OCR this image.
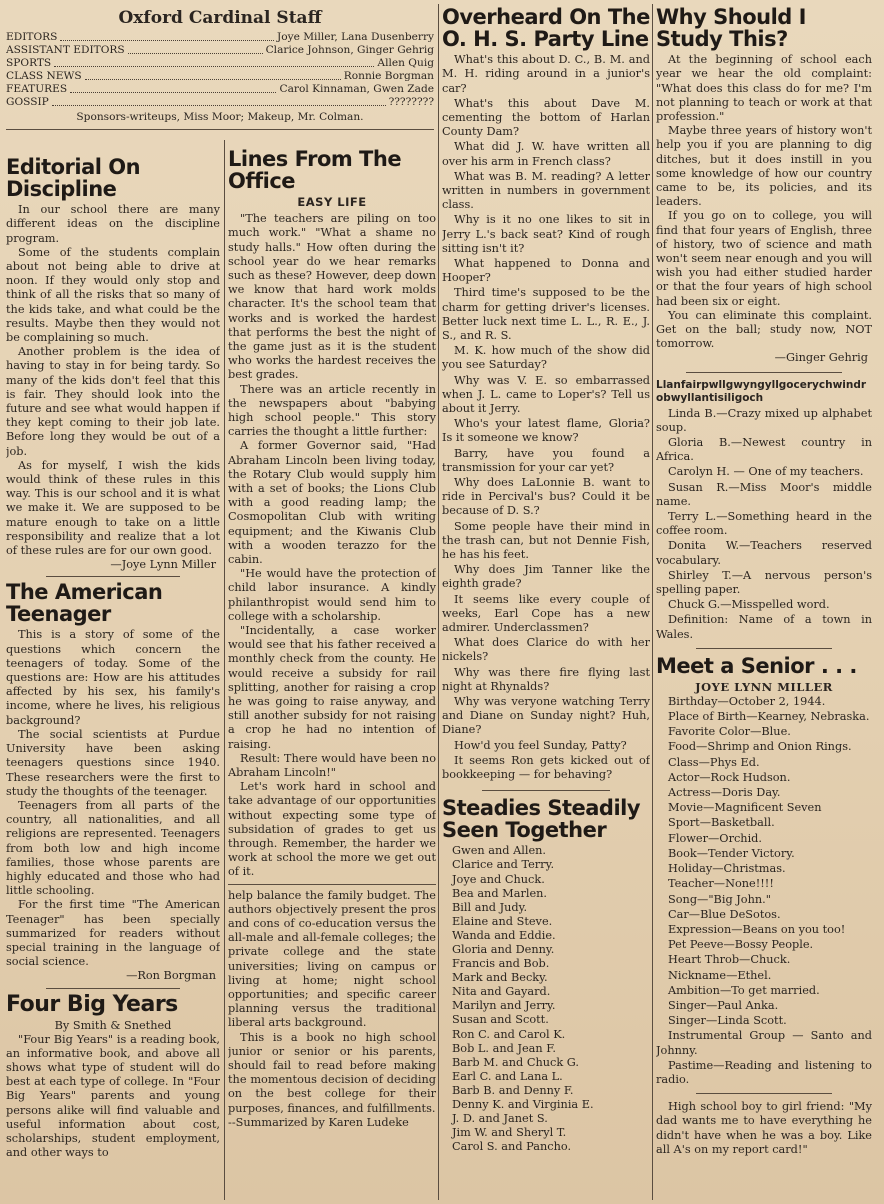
Editorial On Discipline

In our school there are many different ideas on the discipline program.

Some of the students complain about not being able to drive at noon. If they would only stop and think of all the risks that so many of the kids take, and what could be the results. Maybe then they would not be complaining so much.

Another problem is the idea of having to stay in for being tardy. So many of the kids don't feel that this is fair. They should look into the future and see what would happen if they kept coming to their job late. Before long they would be out of a job.

As for myself, I wish the kids would think of these rules in this way. This is our school and it is what we make it. We are supposed to be mature enough to take on a little responsibility and realize that a lot of these rules are for our own good.

—Joye Lynn Miller
The American Teenager

This is a story of some of the questions which concern the teenagers of today. Some of the questions are: How are his attitudes affected by his sex, his family's income, where he lives, his religious background?

The social scientists at Purdue University have been asking teenagers questions since 1940. These researchers were the first to study the thoughts of the teenager.

Teenagers from all parts of the country, all nationalities, and all religions are represented. Teenagers from both low and high income families, those whose parents are highly educated and those who had little schooling.

For the first time "The American Teenager" has been specially summarized for readers without special training in the language of social science.

—Ron Borgman
Four Big Years
By Smith & Snethed

"Four Big Years" is a reading book, an informative book, and above all shows what type of student will do best at each type of college. In "Four Big Years" parents and young persons alike will find valuable and useful information about cost, scholarships, student employment, and other ways to

Oxford Cardinal Staff
EDITORS	Joye Miller, Lana Dusenberry
ASSISTANT EDITORS	Clarice Johnson, Ginger Gehrig
SPORTS	Allen Quig
CLASS NEWS	Ronnie Borgman
FEATURES	Carol Kinnaman, Gwen Zade
GOSSIP	????????
Sponsors-writeups, Miss Moor; Makeup, Mr. Colman.
Lines From The Office
EASY LIFE

"The teachers are piling on too much work." "What a shame no study halls." How often during the school year do we hear remarks such as these? However, deep down we know that hard work molds character. It's the school team that works and is worked the hardest that performs the best the night of the game just as it is the student who works the hardest receives the best grades.

There was an article recently in the newspapers about "babying high school people." This story carries the thought a little further:

A former Governor said, "Had Abraham Lincoln been living today, the Rotary Club would supply him with a set of books; the Lions Club with a good reading lamp; the Cosmopolitan Club with writing equipment; and the Kiwanis Club with a wooden terazzo for the cabin.

"He would have the protection of child labor insurance. A kindly philanthropist would send him to college with a scholarship.

"Incidentally, a case worker would see that his father received a monthly check from the county. He would receive a subsidy for rail splitting, another for raising a crop he was going to raise anyway, and still another subsidy for not raising a crop he had no intention of raising.

Result: There would have been no Abraham Lincoln!"

Let's work hard in school and take advantage of our opportunities without expecting some type of subsidation of grades to get us through. Remember, the harder we work at school the more we get out of it.

help balance the family budget. The authors objectively present the pros and cons of co-education versus the all-male and all-female colleges; the private college and the state universities; living on campus or living at home; night school opportunities; and specific career planning versus the traditional liberal arts background.

This is a book no high school junior or senior or his parents, should fail to read before making the momentous decision of deciding on the best college for their purposes, finances, and fulfillments.

--Summarized by Karen Ludeke
Overheard On The
O. H. S. Party Line

What's this about D. C., B. M. and M. H. riding around in a junior's car?

What's this about Dave M. cementing the bottom of Harlan County Dam?

What did J. W. have written all over his arm in French class?

What was B. M. reading? A letter written in numbers in government class.

Why is it no one likes to sit in Jerry L.'s back seat? Kind of rough sitting isn't it?

What happened to Donna and Hooper?

Third time's supposed to be the charm for getting driver's licenses. Better luck next time L. L., R. E., J. S., and R. S.

M. K. how much of the show did you see Saturday?

Why was V. E. so embarrassed when J. L. came to Loper's? Tell us about it Jerry.

Who's your latest flame, Gloria? Is it someone we know?

Barry, have you found a transmission for your car yet?

Why does LaLonnie B. want to ride in Percival's bus? Could it be because of D. S.?

Some people have their mind in the trash can, but not Dennie Fish, he has his feet.

Why does Jim Tanner like the eighth grade?

It seems like every couple of weeks, Earl Cope has a new admirer. Underclassmen?

What does Clarice do with her nickels?

Why was there fire flying last night at Rhynalds?

Why was veryone watching Terry and Diane on Sunday night? Huh, Diane?

How'd you feel Sunday, Patty?

It seems Ron gets kicked out of bookkeeping — for behaving?

Steadies Steadily
Seen Together
Gwen and Allen.
Clarice and Terry.
Joye and Chuck.
Bea and Marlen.
Bill and Judy.
Elaine and Steve.
Wanda and Eddie.
Gloria and Denny.
Francis and Bob.
Mark and Becky.
Nita and Gayard.
Marilyn and Jerry.
Susan and Scott.
Ron C. and Carol K.
Bob L. and Jean F.
Barb M. and Chuck G.
Earl C. and Lana L.
Barb B. and Denny F.
Denny K. and Virginia E.
J. D. and Janet S.
Jim W. and Sheryl T.
Carol S. and Pancho.
Why Should I Study This?

At the beginning of school each year we hear the old complaint: "What does this class do for me? I'm not planning to teach or work at that profession."

Maybe three years of history won't help you if you are planning to dig ditches, but it does instill in you some knowledge of how our country came to be, its policies, and its leaders.

If you go on to college, you will find that four years of English, three of history, two of science and math won't seem near enough and you will wish you had either studied harder or that the four years of high school had been six or eight.

You can eliminate this complaint. Get on the ball; study now, NOT tomorrow.

—Ginger Gehrig
Llanfairpwllgwyngyllgocerychwindrobwyllantisiligoch

Linda B.—Crazy mixed up alphabet soup.

Gloria B.—Newest country in Africa.

Carolyn H. — One of my teachers.

Susan R.—Miss Moor's middle name.

Terry L.—Something heard in the coffee room.

Donita W.—Teachers reserved vocabulary.

Shirley T.—A nervous person's spelling paper.

Chuck G.—Misspelled word.

Definition: Name of a town in Wales.

Meet a Senior . . .
JOYE LYNN MILLER

Birthday—October 2, 1944.

Place of Birth—Kearney, Nebraska.

Favorite Color—Blue.

Food—Shrimp and Onion Rings.

Class—Phys Ed.

Actor—Rock Hudson.

Actress—Doris Day.

Movie—Magnificent Seven

Sport—Basketball.

Flower—Orchid.

Book—Tender Victory.

Holiday—Christmas.

Teacher—None!!!!

Song—"Big John."

Car—Blue DeSotos.

Expression—Beans on you too!

Pet Peeve—Bossy People.

Heart Throb—Chuck.

Nickname—Ethel.

Ambition—To get married.

Singer—Paul Anka.

Singer—Linda Scott.

Instrumental Group — Santo and Johnny.

Pastime—Reading and listening to radio.

High school boy to girl friend: "My dad wants me to have everything he didn't have when he was a boy. Like all A's on my report card!"
